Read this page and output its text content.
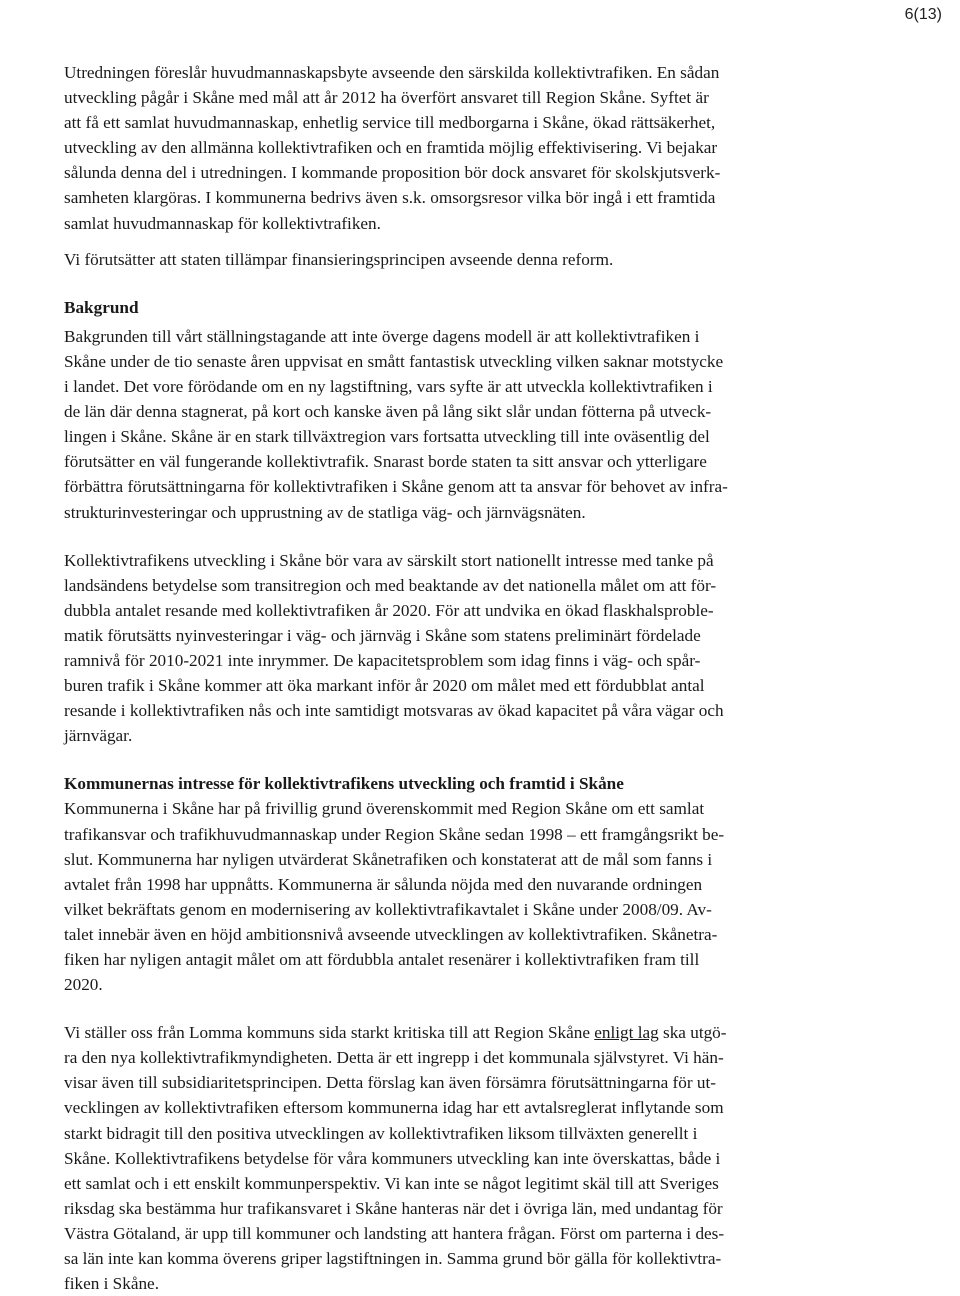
6(13)
Utredningen föreslår huvudmannaskapsbyte avseende den särskilda kollektivtrafiken. En sådan
utveckling pågår i Skåne med mål att år 2012 ha överfört ansvaret till Region Skåne. Syftet är
att få ett samlat huvudmannaskap, enhetlig service till medborgarna i Skåne, ökad rättsäkerhet,
utveckling av den allmänna kollektivtrafiken och en framtida möjlig effektivisering. Vi bejakar
sålunda denna del i utredningen. I kommande proposition bör dock ansvaret för skolskjutsverk-
samheten klargöras. I kommunerna bedrivs även s.k. omsorgsresor vilka bör ingå i ett framtida
samlat huvudmannaskap för kollektivtrafiken.
Vi förutsätter att staten tillämpar finansieringsprincipen avseende denna reform.
Bakgrund
Bakgrunden till vårt ställningstagande att inte överge dagens modell är att kollektivtrafiken i
Skåne under de tio senaste åren uppvisat en smått fantastisk utveckling vilken saknar motstycke
i landet. Det vore förödande om en ny lagstiftning, vars syfte är att utveckla kollektivtrafiken i
de län där denna stagnerat, på kort och kanske även på lång sikt slår undan fötterna på utveck-
lingen i Skåne. Skåne är en stark tillväxtregion vars fortsatta utveckling till inte oväsentlig del
förutsätter en väl fungerande kollektivtrafik. Snarast borde staten ta sitt ansvar och ytterligare
förbättra förutsättningarna för kollektivtrafiken i Skåne genom att ta ansvar för behovet av infra-
strukturinvesteringar och upprustning av de statliga väg- och järnvägsnäten.
Kollektivtrafikens utveckling i Skåne bör vara av särskilt stort nationellt intresse med tanke på
landsändens betydelse som transitregion och med beaktande av det nationella målet om att för-
dubbla antalet resande med kollektivtrafiken år 2020. För att undvika en ökad flaskhalsproble-
matik förutsätts nyinvesteringar i väg- och järnväg i Skåne som statens preliminärt fördelade
ramnivå för 2010-2021 inte inrymmer. De kapacitetsproblem som idag finns i väg- och spår-
buren trafik i Skåne kommer att öka markant inför år 2020 om målet med ett fördubblat antal
resande i kollektivtrafiken nås och inte samtidigt motsvaras av ökad kapacitet på våra vägar och
järnvägar.
Kommunernas intresse för kollektivtrafikens utveckling och framtid i Skåne
Kommunerna i Skåne har på frivillig grund överenskommit med Region Skåne om ett samlat
trafikansvar och trafikhuvudmannaskap under Region Skåne sedan 1998 – ett framgångsrikt be-
slut. Kommunerna har nyligen utvärderat Skånetrafiken och konstaterat att de mål som fanns i
avtalet från 1998 har uppnåtts. Kommunerna är sålunda nöjda med den nuvarande ordningen
vilket bekräftats genom en modernisering av kollektivtrafikavtalet i Skåne under 2008/09. Av-
talet innebär även en höjd ambitionsnivå avseende utvecklingen av kollektivtrafiken. Skånetra-
fiken har nyligen antagit målet om att fördubbla antalet resenärer i kollektivtrafiken fram till
2020.
Vi ställer oss från Lomma kommuns sida starkt kritiska till att Region Skåne enligt lag ska utgö-
ra den nya kollektivtrafikmyndigheten. Detta är ett ingrepp i det kommunala självstyret. Vi hän-
visar även till subsidiaritetsprincipen. Detta förslag kan även försämra förutsättningarna för ut-
vecklingen av kollektivtrafiken eftersom kommunerna idag har ett avtalsreglerat inflytande som
starkt bidragit till den positiva utvecklingen av kollektivtrafiken liksom tillväxten generellt i
Skåne. Kollektivtrafikens betydelse för våra kommuners utveckling kan inte överskattas, både i
ett samlat och i ett enskilt kommunperspektiv. Vi kan inte se något legitimt skäl till att Sveriges
riksdag ska bestämma hur trafikansvaret i Skåne hanteras när det i övriga län, med undantag för
Västra Götaland, är upp till kommuner och landsting att hantera frågan. Först om parterna i des-
sa län inte kan komma överens griper lagstiftningen in. Samma grund bör gälla för kollektivtra-
fiken i Skåne.
